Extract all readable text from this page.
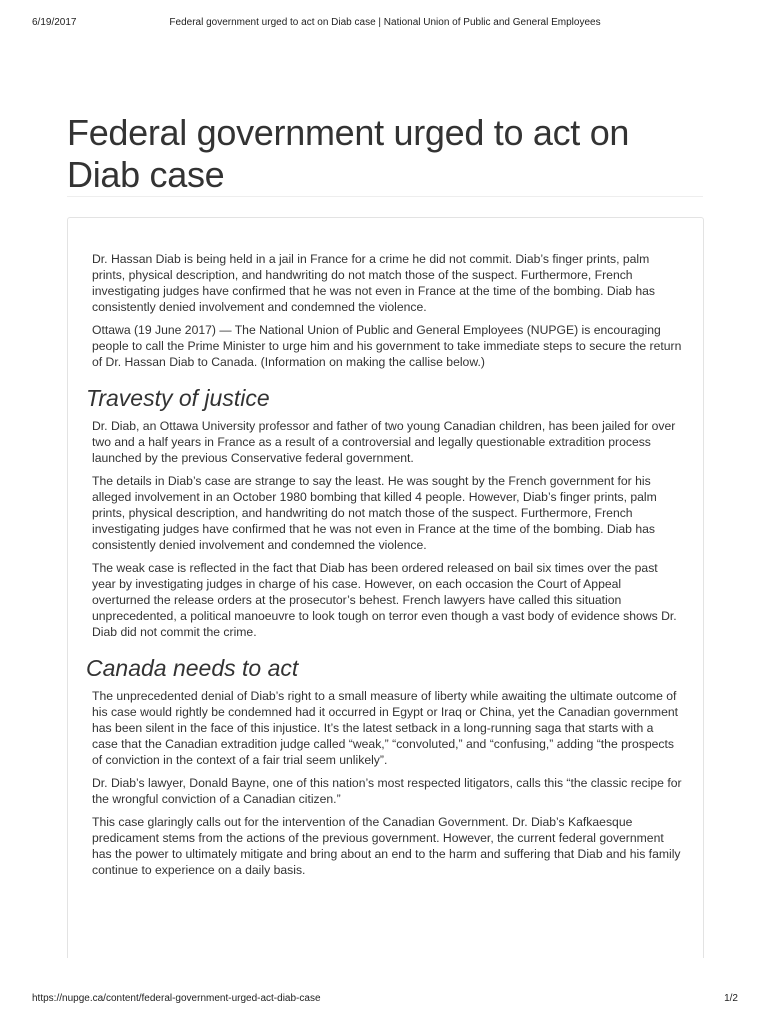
6/19/2017	Federal government urged to act on Diab case | National Union of Public and General Employees
Federal government urged to act on Diab case

Dr. Hassan Diab is being held in a jail in France for a crime he did not commit. Diab’s finger prints, palm prints, physical description, and handwriting do not match those of the suspect. Furthermore, French investigating judges have confirmed that he was not even in France at the time of the bombing. Diab has consistently denied involvement and condemned the violence.

Ottawa (19 June 2017) — The National Union of Public and General Employees (NUPGE) is encouraging people to call the Prime Minister to urge him and his government to take immediate steps to secure the return of Dr. Hassan Diab to Canada. (Information on making the callise below.)

Travesty of justice

Dr. Diab, an Ottawa University professor and father of two young Canadian children, has been jailed for over two and a half years in France as a result of a controversial and legally questionable extradition process launched by the previous Conservative federal government.

The details in Diab’s case are strange to say the least. He was sought by the French government for his alleged involvement in an October 1980 bombing that killed 4 people. However, Diab’s finger prints, palm prints, physical description, and handwriting do not match those of the suspect. Furthermore, French investigating judges have confirmed that he was not even in France at the time of the bombing. Diab has consistently denied involvement and condemned the violence.

The weak case is reflected in the fact that Diab has been ordered released on bail six times over the past year by investigating judges in charge of his case. However, on each occasion the Court of Appeal overturned the release orders at the prosecutor’s behest. French lawyers have called this situation unprecedented, a political manoeuvre to look tough on terror even though a vast body of evidence shows Dr. Diab did not commit the crime.

Canada needs to act

The unprecedented denial of Diab’s right to a small measure of liberty while awaiting the ultimate outcome of his case would rightly be condemned had it occurred in Egypt or Iraq or China, yet the Canadian government has been silent in the face of this injustice. It’s the latest setback in a long-running saga that starts with a case that the Canadian extradition judge called “weak,” “convoluted,” and “confusing,” adding “the prospects of conviction in the context of a fair trial seem unlikely”.

Dr. Diab’s lawyer, Donald Bayne, one of this nation’s most respected litigators, calls this “the classic recipe for the wrongful conviction of a Canadian citizen.”

This case glaringly calls out for the intervention of the Canadian Government. Dr. Diab’s Kafkaesque predicament stems from the actions of the previous government. However, the current federal government has the power to ultimately mitigate and bring about an end to the harm and suffering that Diab and his family continue to experience on a daily basis.

https://nupge.ca/content/federal-government-urged-act-diab-case	1/2
